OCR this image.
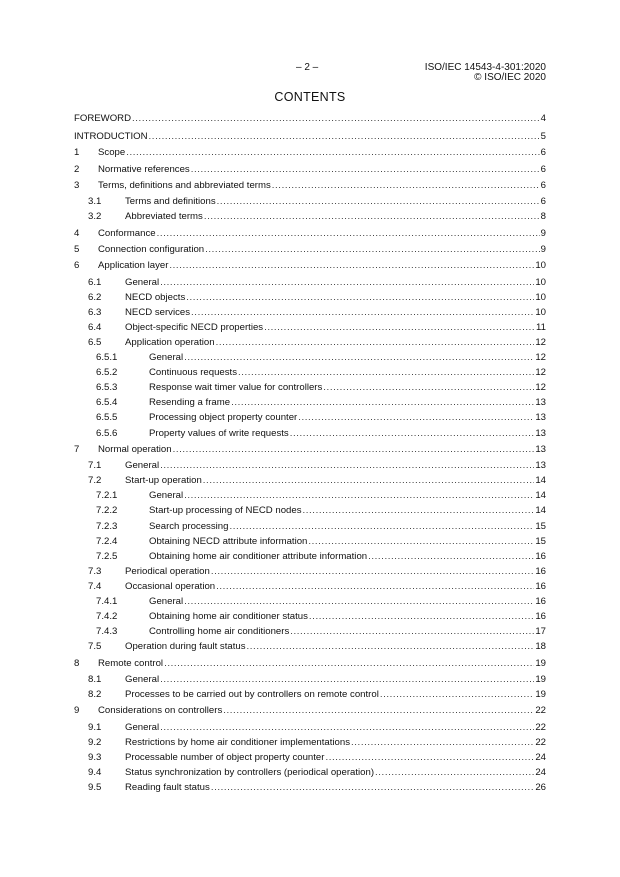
– 2 –	ISO/IEC 14543-4-301:2020
© ISO/IEC 2020
CONTENTS
FOREWORD .....	4
INTRODUCTION .....	5
1 Scope .....	6
2 Normative references .....	6
3 Terms, definitions and abbreviated terms .....	6
3.1 Terms and definitions .....	6
3.2 Abbreviated terms .....	8
4 Conformance .....	9
5 Connection configuration .....	9
6 Application layer .....	10
6.1 General .....	10
6.2 NECD objects .....	10
6.3 NECD services .....	10
6.4 Object-specific NECD properties .....	11
6.5 Application operation .....	12
6.5.1	General .....	12
6.5.2	Continuous requests .....	12
6.5.3	Response wait timer value for controllers .....	12
6.5.4	Resending a frame .....	13
6.5.5	Processing object property counter .....	13
6.5.6	Property values of write requests .....	13
7 Normal operation .....	13
7.1 General .....	13
7.2 Start-up operation .....	14
7.2.1	General .....	14
7.2.2	Start-up processing of NECD nodes .....	14
7.2.3	Search processing .....	15
7.2.4	Obtaining NECD attribute information .....	15
7.2.5	Obtaining home air conditioner attribute information .....	16
7.3 Periodical operation .....	16
7.4 Occasional operation .....	16
7.4.1	General .....	16
7.4.2	Obtaining home air conditioner status .....	16
7.4.3	Controlling home air conditioners .....	17
7.5 Operation during fault status .....	18
8 Remote control .....	19
8.1 General .....	19
8.2 Processes to be carried out by controllers on remote control .....	19
9 Considerations on controllers .....	22
9.1 General .....	22
9.2 Restrictions by home air conditioner implementations .....	22
9.3 Processable number of object property counter .....	24
9.4 Status synchronization by controllers (periodical operation) .....	24
9.5 Reading fault status .....	26
